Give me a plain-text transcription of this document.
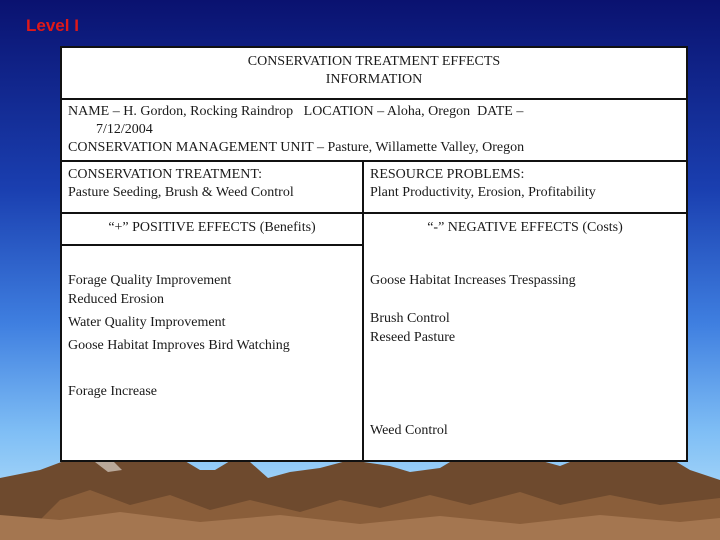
Level I
CONSERVATION TREATMENT EFFECTS
INFORMATION
NAME – H. Gordon, Rocking Raindrop   LOCATION – Aloha, Oregon  DATE –
7/12/2004
CONSERVATION MANAGEMENT UNIT – Pasture, Willamette Valley, Oregon
CONSERVATION TREATMENT:
Pasture Seeding, Brush & Weed Control
RESOURCE PROBLEMS:
Plant Productivity, Erosion, Profitability
“+” POSITIVE EFFECTS (Benefits)	“-” NEGATIVE EFFECTS (Costs)
Forage Quality Improvement
Reduced Erosion
Water Quality Improvement
Goose Habitat Improves Bird Watching
Forage Increase
Goose Habitat Increases Trespassing
Brush Control
Reseed Pasture
Weed Control
